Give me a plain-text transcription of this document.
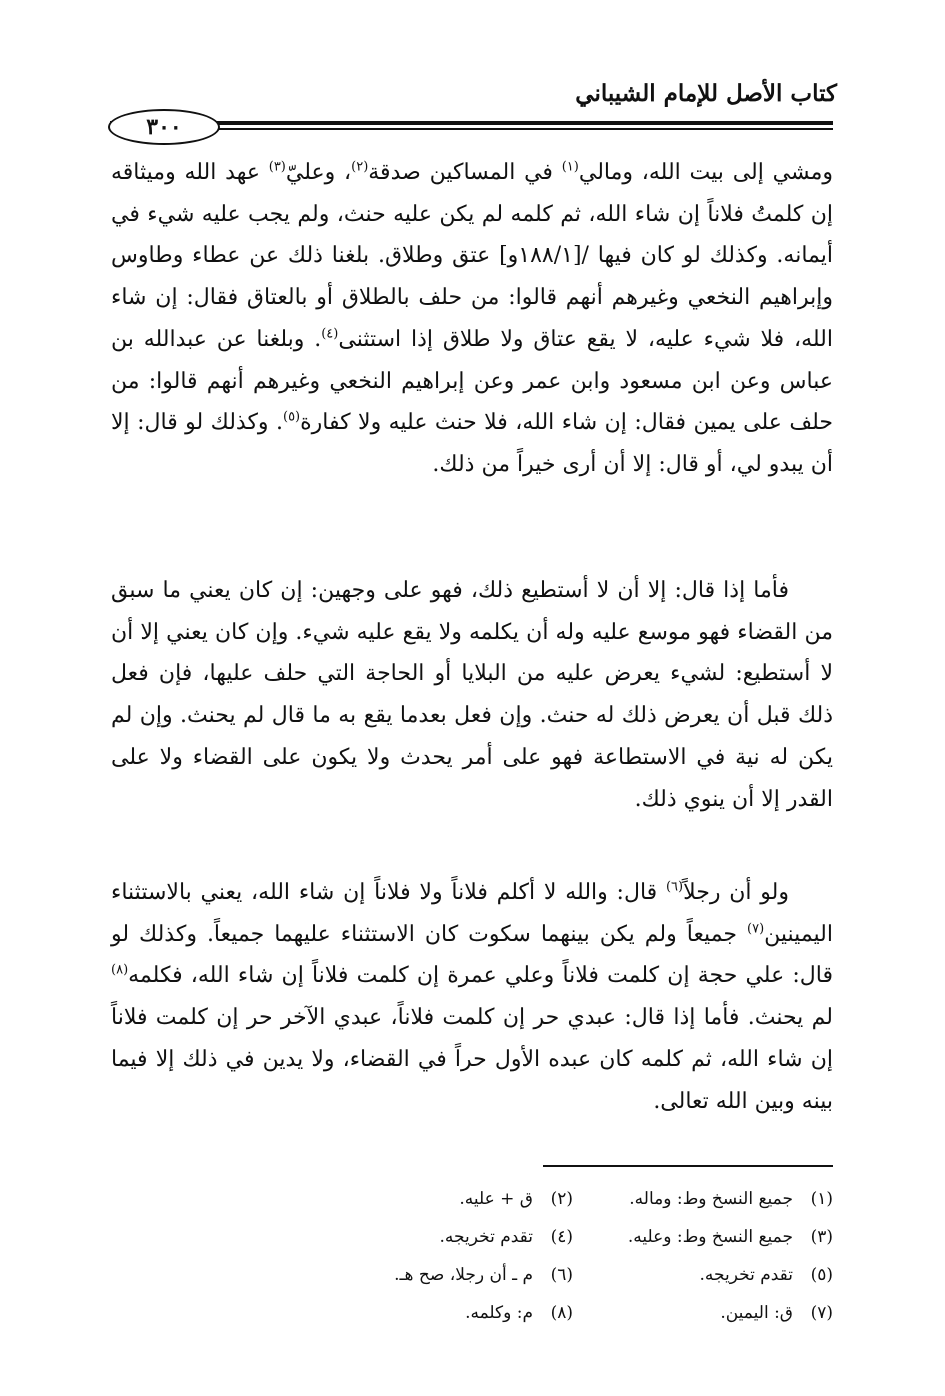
كتاب الأصل للإمام الشيباني
٣٠٠

ومشي إلى بيت الله، ومالي$^{(١)}$ في المساكين صدقة$^{(٢)}$، وعليّ$^{(٣)}$ عهد الله وميثاقه إن كلمتُ فلاناً إن شاء الله، ثم كلمه لم يكن عليه حنث، ولم يجب عليه شيء في أيمانه. وكذلك لو كان فيها /[١٨٨/١و] عتق وطلاق. بلغنا ذلك عن عطاء وطاوس وإبراهيم النخعي وغيرهم أنهم قالوا: من حلف بالطلاق أو بالعتاق فقال: إن شاء الله، فلا شيء عليه، لا يقع عتاق ولا طلاق إذا استثنى$^{(٤)}$. وبلغنا عن عبدالله بن عباس وعن ابن مسعود وابن عمر وعن إبراهيم النخعي وغيرهم أنهم قالوا: من حلف على يمين فقال: إن شاء الله، فلا حنث عليه ولا كفارة$^{(٥)}$. وكذلك لو قال: إلا أن يبدو لي، أو قال: إلا أن أرى خيراً من ذلك.

فأما إذا قال: إلا أن لا أستطيع ذلك، فهو على وجهين: إن كان يعني ما سبق من القضاء فهو موسع عليه وله أن يكلمه ولا يقع عليه شيء. وإن كان يعني إلا أن لا أستطيع: لشيء يعرض عليه من البلايا أو الحاجة التي حلف عليها، فإن فعل ذلك قبل أن يعرض ذلك له حنث. وإن فعل بعدما يقع به ما قال لم يحنث. وإن لم يكن له نية في الاستطاعة فهو على أمر يحدث ولا يكون على القضاء ولا على القدر إلا أن ينوي ذلك.

ولو أن رجلاً$^{(٦)}$ قال: والله لا أكلم فلاناً ولا فلاناً إن شاء الله، يعني بالاستثناء اليمينين$^{(٧)}$ جميعاً ولم يكن بينهما سكوت كان الاستثناء عليهما جميعاً. وكذلك لو قال: علي حجة إن كلمت فلاناً وعلي عمرة إن كلمت فلاناً إن شاء الله، فكلمه$^{(٨)}$ لم يحنث. فأما إذا قال: عبدي حر إن كلمت فلاناً، عبدي الآخر حر إن كلمت فلاناً إن شاء الله، ثم كلمه كان عبده الأول حراً في القضاء، ولا يدين في ذلك إلا فيما بينه وبين الله تعالى.

(١)جميع النسخ وط: وماله.
(٢)ق + عليه.
(٣)جميع النسخ وط: وعليه.
(٤)تقدم تخريجه.
(٥)تقدم تخريجه.
(٦)م ـ أن رجلا، صح هـ.
(٧)ق: اليمين.
(٨)م: وكلمه.
